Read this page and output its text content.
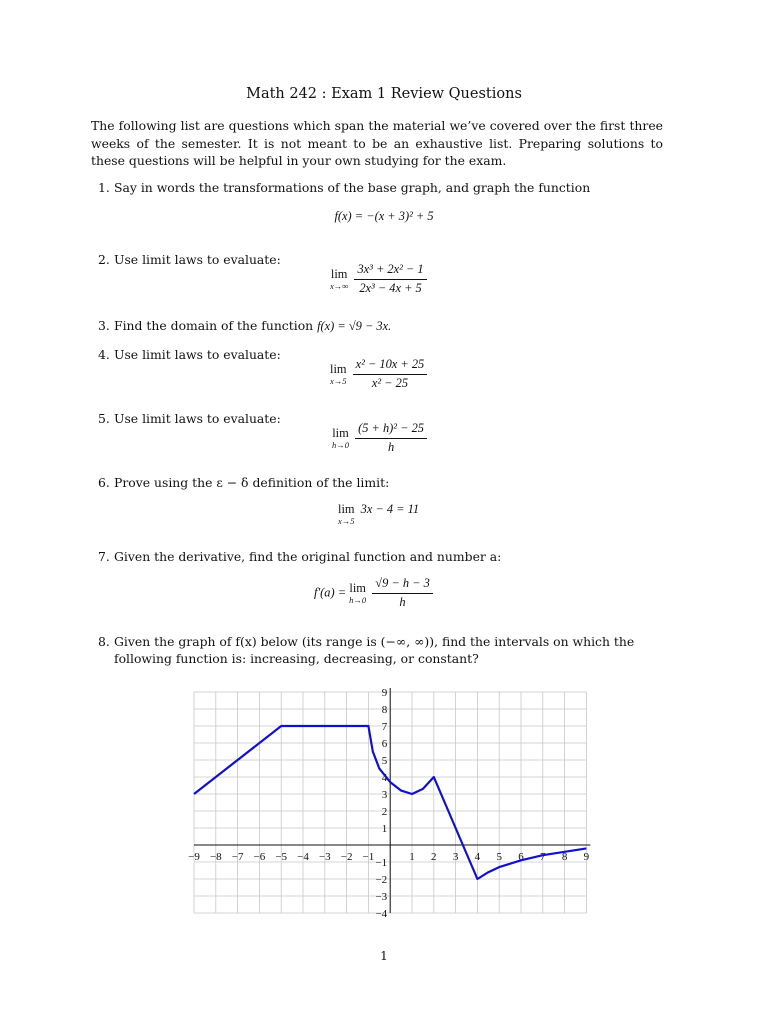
Math 242 : Exam 1 Review Questions
The following list are questions which span the material we’ve covered over the first three weeks of the semester. It is not meant to be an exhaustive list. Preparing solutions to these questions will be helpful in your own studying for the exam.
1. Say in words the transformations of the base graph, and graph the function
f(x) = −(x + 3)² + 5
2. Use limit laws to evaluate:
lim
x→∞
$\frac{\text{3x³ + 2x² − 1}}{\text{2x³ − 4x + 5}}$
3. Find the domain of the function f(x) = √9 − 3x.
4. Use limit laws to evaluate:
lim
x→5
$\frac{\text{x² − 10x + 25}}{\text{x² − 25}}$
5. Use limit laws to evaluate:
lim
h→0
$\frac{\text{(5 + h)² − 25}}{h}$
6. Prove using the ε − δ definition of the limit:
lim
x→5
3x − 4 = 11
7. Given the derivative, find the original function and number a:
f′(a) = lim
h→0
$\frac{√9 - h - 3}{h}$
8. Given the graph of f(x) below (its range is (−∞, ∞)), find the intervals on which the following function is: increasing, decreasing, or constant?
−9 −8 −7 −6 −5 −4 −3 −2 −1	1 2 3 4 5 6 7 8 9
−4
−3
−2
−1
1
2
3
4
5
6
7
8
9
1
